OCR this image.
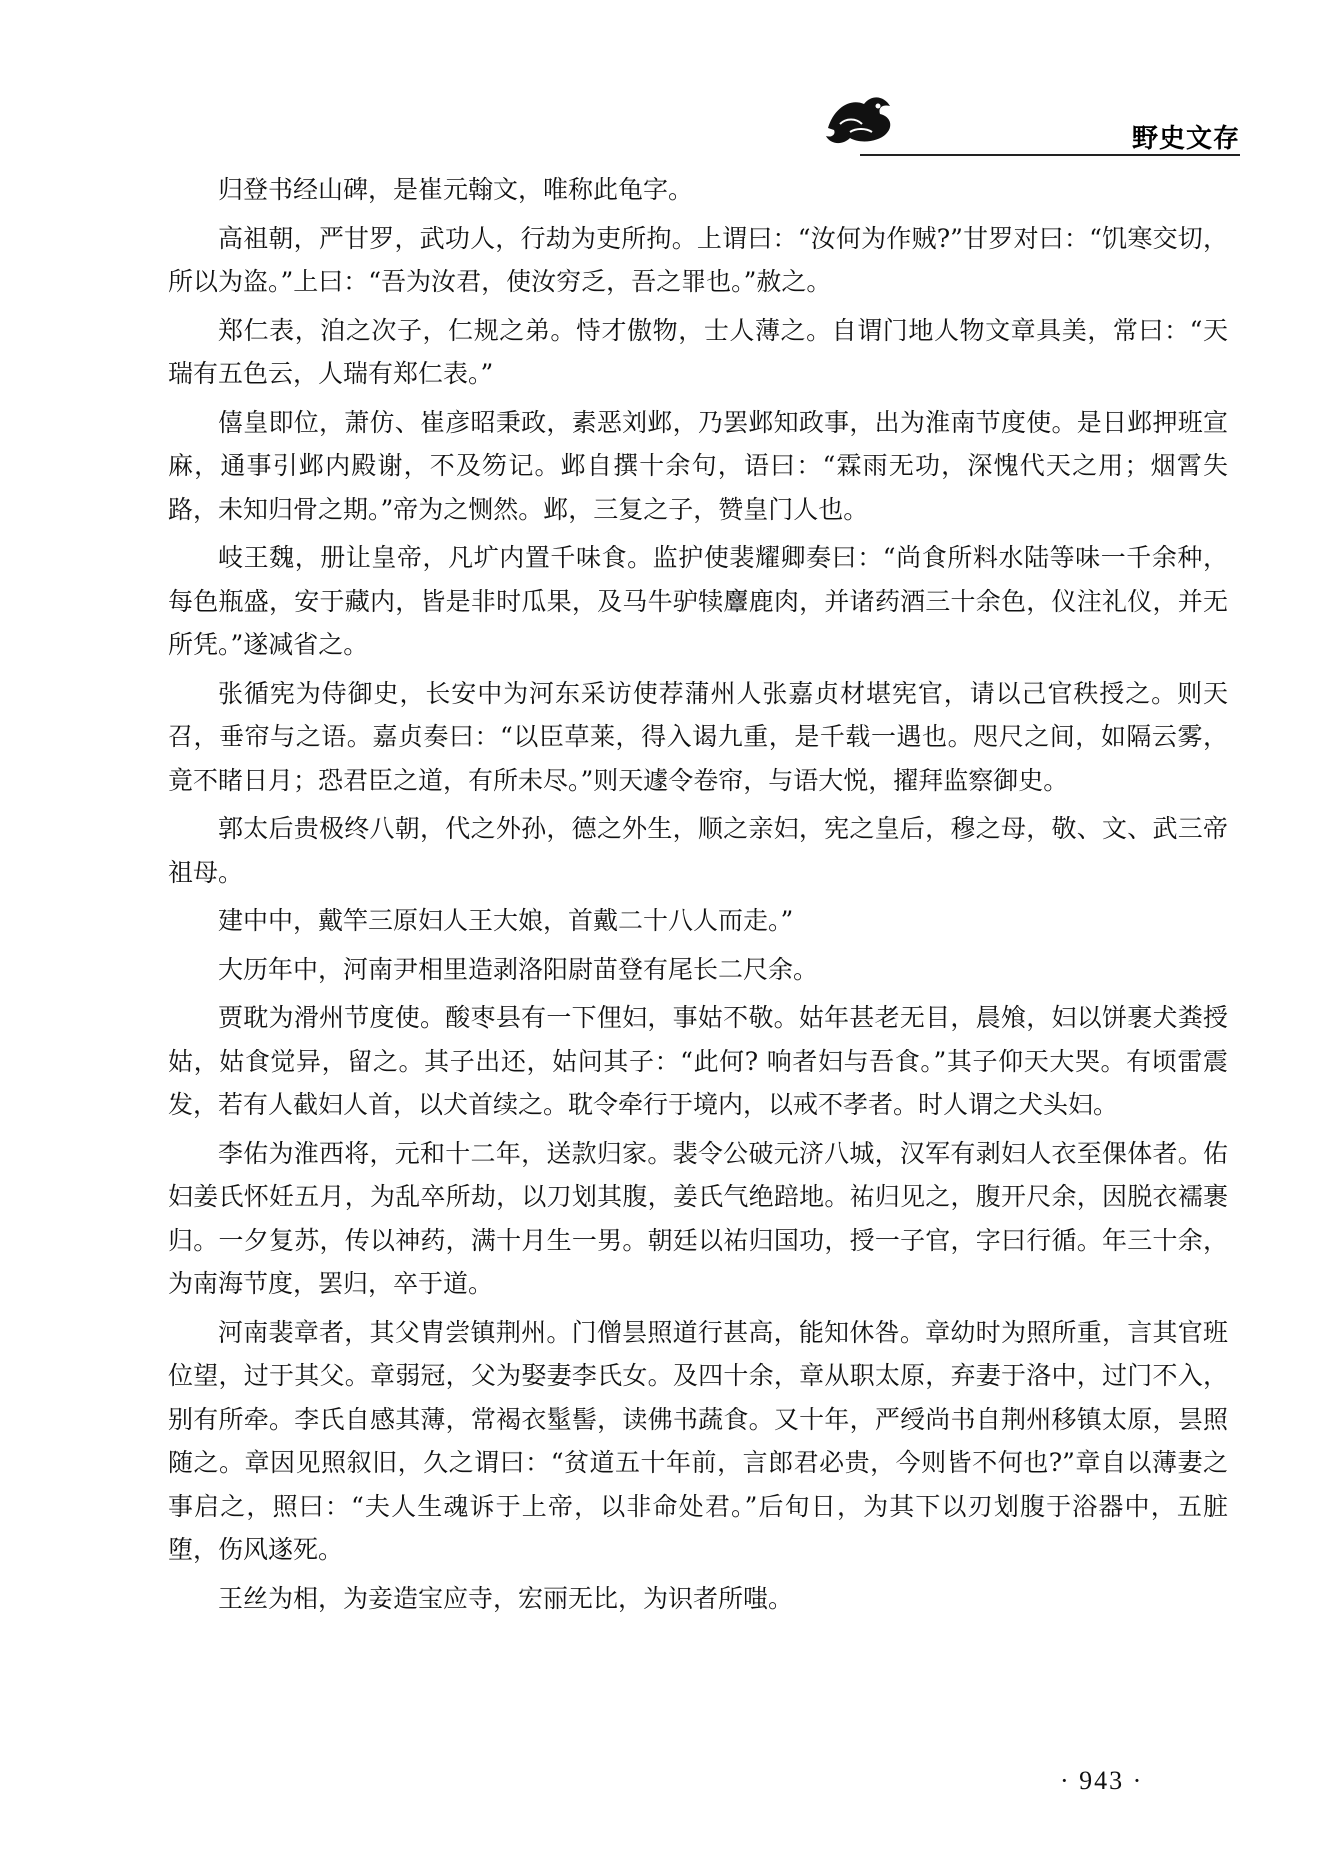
野史文存

归登书经山碑，是崔元翰文，唯称此龟字。

高祖朝，严甘罗，武功人，行劫为吏所拘。上谓曰：“汝何为作贼?”甘罗对曰：“饥寒交切，所以为盗。”上曰：“吾为汝君，使汝穷乏，吾之罪也。”赦之。

郑仁表，洎之次子，仁规之弟。恃才傲物，士人薄之。自谓门地人物文章具美，常曰：“天瑞有五色云，人瑞有郑仁表。”

僖皇即位，萧仿、崔彦昭秉政，素恶刘邺，乃罢邺知政事，出为淮南节度使。是日邺押班宣麻，通事引邺内殿谢，不及笏记。邺自撰十余句，语曰：“霖雨无功，深愧代天之用；烟霄失路，未知归骨之期。”帝为之恻然。邺，三复之子，赞皇门人也。

岐王魏，册让皇帝，凡圹内置千味食。监护使裴耀卿奏曰：“尚食所料水陆等味一千余种，每色瓶盛，安于藏内，皆是非时瓜果，及马牛驴犊麞鹿肉，并诸药酒三十余色，仪注礼仪，并无所凭。”遂减省之。

张循宪为侍御史，长安中为河东采访使荐蒲州人张嘉贞材堪宪官，请以己官秩授之。则天召，垂帘与之语。嘉贞奏曰：“以臣草莱，得入谒九重，是千载一遇也。咫尺之间，如隔云雾，竟不睹日月；恐君臣之道，有所未尽。”则天遽令卷帘，与语大悦，擢拜监察御史。

郭太后贵极终八朝，代之外孙，德之外生，顺之亲妇，宪之皇后，穆之母，敬、文、武三帝祖母。

建中中，戴竿三原妇人王大娘，首戴二十八人而走。”

大历年中，河南尹相里造剥洛阳尉苗登有尾长二尺余。

贾耽为滑州节度使。酸枣县有一下俚妇，事姑不敬。姑年甚老无目，晨飧，妇以饼裹犬粪授姑，姑食觉异，留之。其子出还，姑问其子：“此何? 响者妇与吾食。”其子仰天大哭。有顷雷震发，若有人截妇人首，以犬首续之。耽令牵行于境内，以戒不孝者。时人谓之犬头妇。

李佑为淮西将，元和十二年，送款归家。裴令公破元济八城，汉军有剥妇人衣至倮体者。佑妇姜氏怀妊五月，为乱卒所劫，以刀划其腹，姜氏气绝踣地。祐归见之，腹开尺余，因脱衣襦裹归。一夕复苏，传以神药，满十月生一男。朝廷以祐归国功，授一子官，字曰行循。年三十余，为南海节度，罢归，卒于道。

河南裴章者，其父胄尝镇荆州。门僧昙照道行甚高，能知休咎。章幼时为照所重，言其官班位望，过于其父。章弱冠，父为娶妻李氏女。及四十余，章从职太原，弃妻于洛中，过门不入，别有所牵。李氏自感其薄，常褐衣髽髻，读佛书蔬食。又十年，严绶尚书自荆州移镇太原，昙照随之。章因见照叙旧，久之谓曰：“贫道五十年前，言郎君必贵，今则皆不何也?”章自以薄妻之事启之，照曰：“夫人生魂诉于上帝，以非命处君。”后旬日，为其下以刃划腹于浴器中，五脏堕，伤风遂死。

王丝为相，为妾造宝应寺，宏丽无比，为识者所嗤。

· 943 ·
